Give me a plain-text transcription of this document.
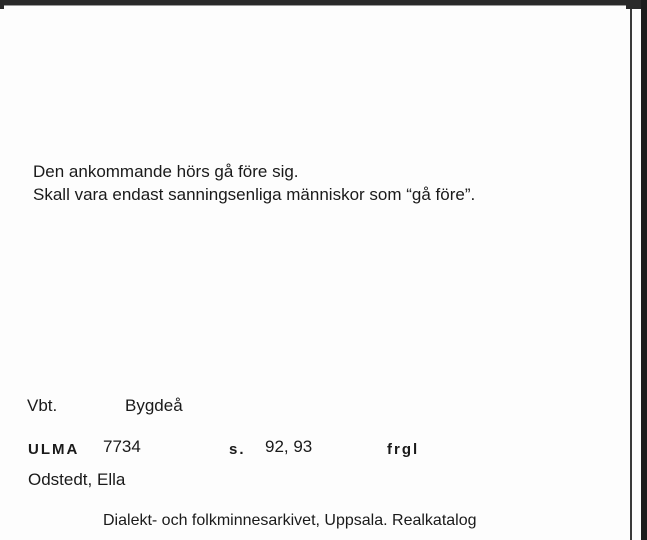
Den ankommande hörs gå före sig.
Skall vara endast sanningsenliga människor som “gå före”.
Vbt.	Bygdeå
ULMA 7734	s. 92, 93	frgl
Odstedt, Ella
Dialekt- och folkminnesarkivet, Uppsala. Realkatalog
